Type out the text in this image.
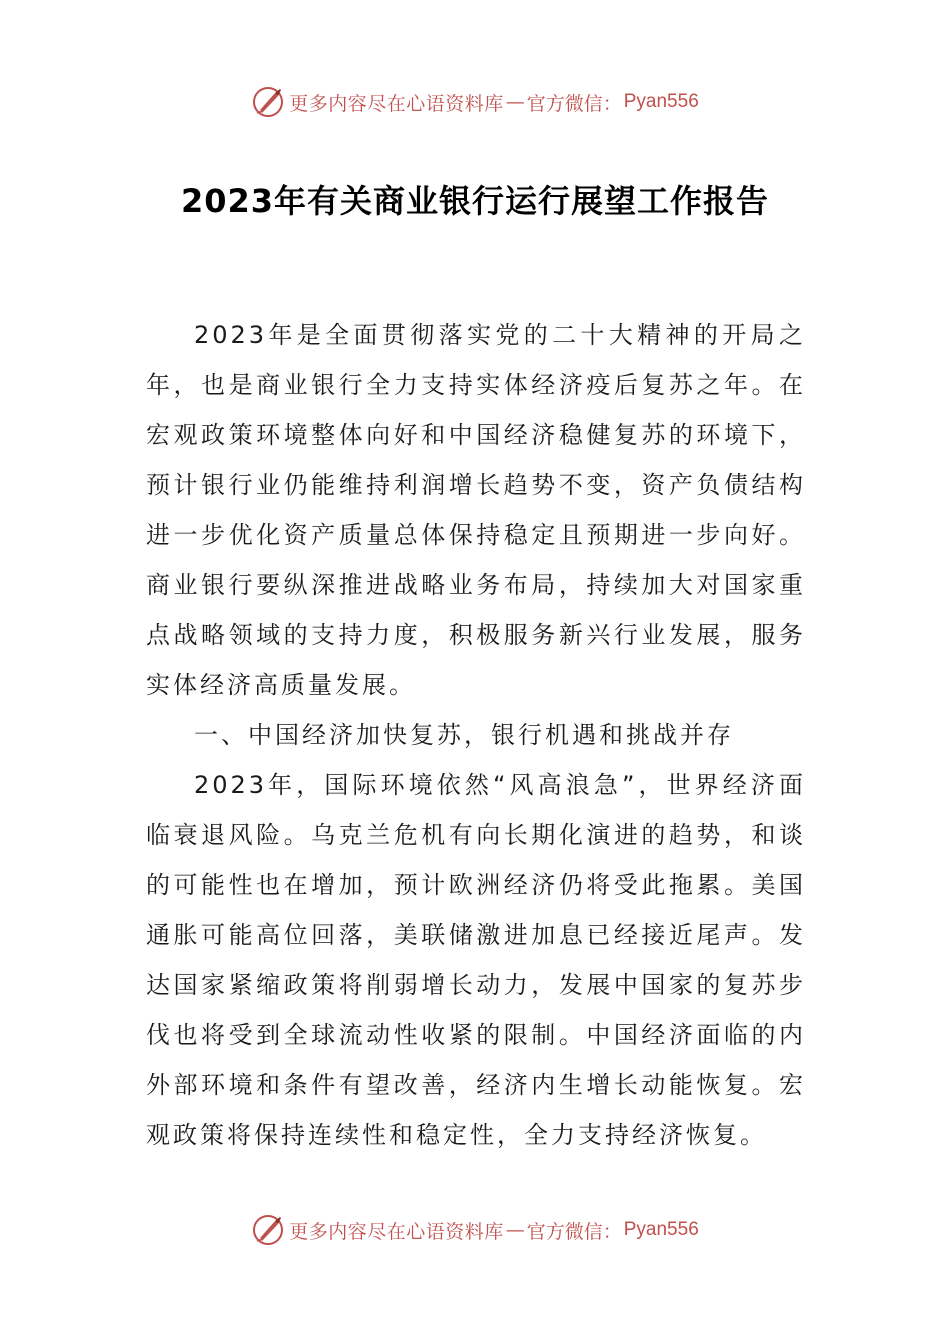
更多内容尽在心语资料库 — 官方微信： Pyan556
2023年有关商业银行运行展望工作报告

2023年是全面贯彻落实党的二十大精神的开局之年，也是商业银行全力支持实体经济疫后复苏之年。在宏观政策环境整体向好和中国经济稳健复苏的环境下，预计银行业仍能维持利润增长趋势不变，资产负债结构进一步优化资产质量总体保持稳定且预期进一步向好。商业银行要纵深推进战略业务布局，持续加大对国家重点战略领域的支持力度，积极服务新兴行业发展，服务实体经济高质量发展。

一、中国经济加快复苏，银行机遇和挑战并存

2023年，国际环境依然“风高浪急”，世界经济面临衰退风险。乌克兰危机有向长期化演进的趋势，和谈的可能性也在增加，预计欧洲经济仍将受此拖累。美国通胀可能高位回落，美联储激进加息已经接近尾声。发达国家紧缩政策将削弱增长动力，发展中国家的复苏步伐也将受到全球流动性收紧的限制。中国经济面临的内外部环境和条件有望改善，经济内生增长动能恢复。宏观政策将保持连续性和稳定性，全力支持经济恢复。

更多内容尽在心语资料库 — 官方微信： Pyan556
